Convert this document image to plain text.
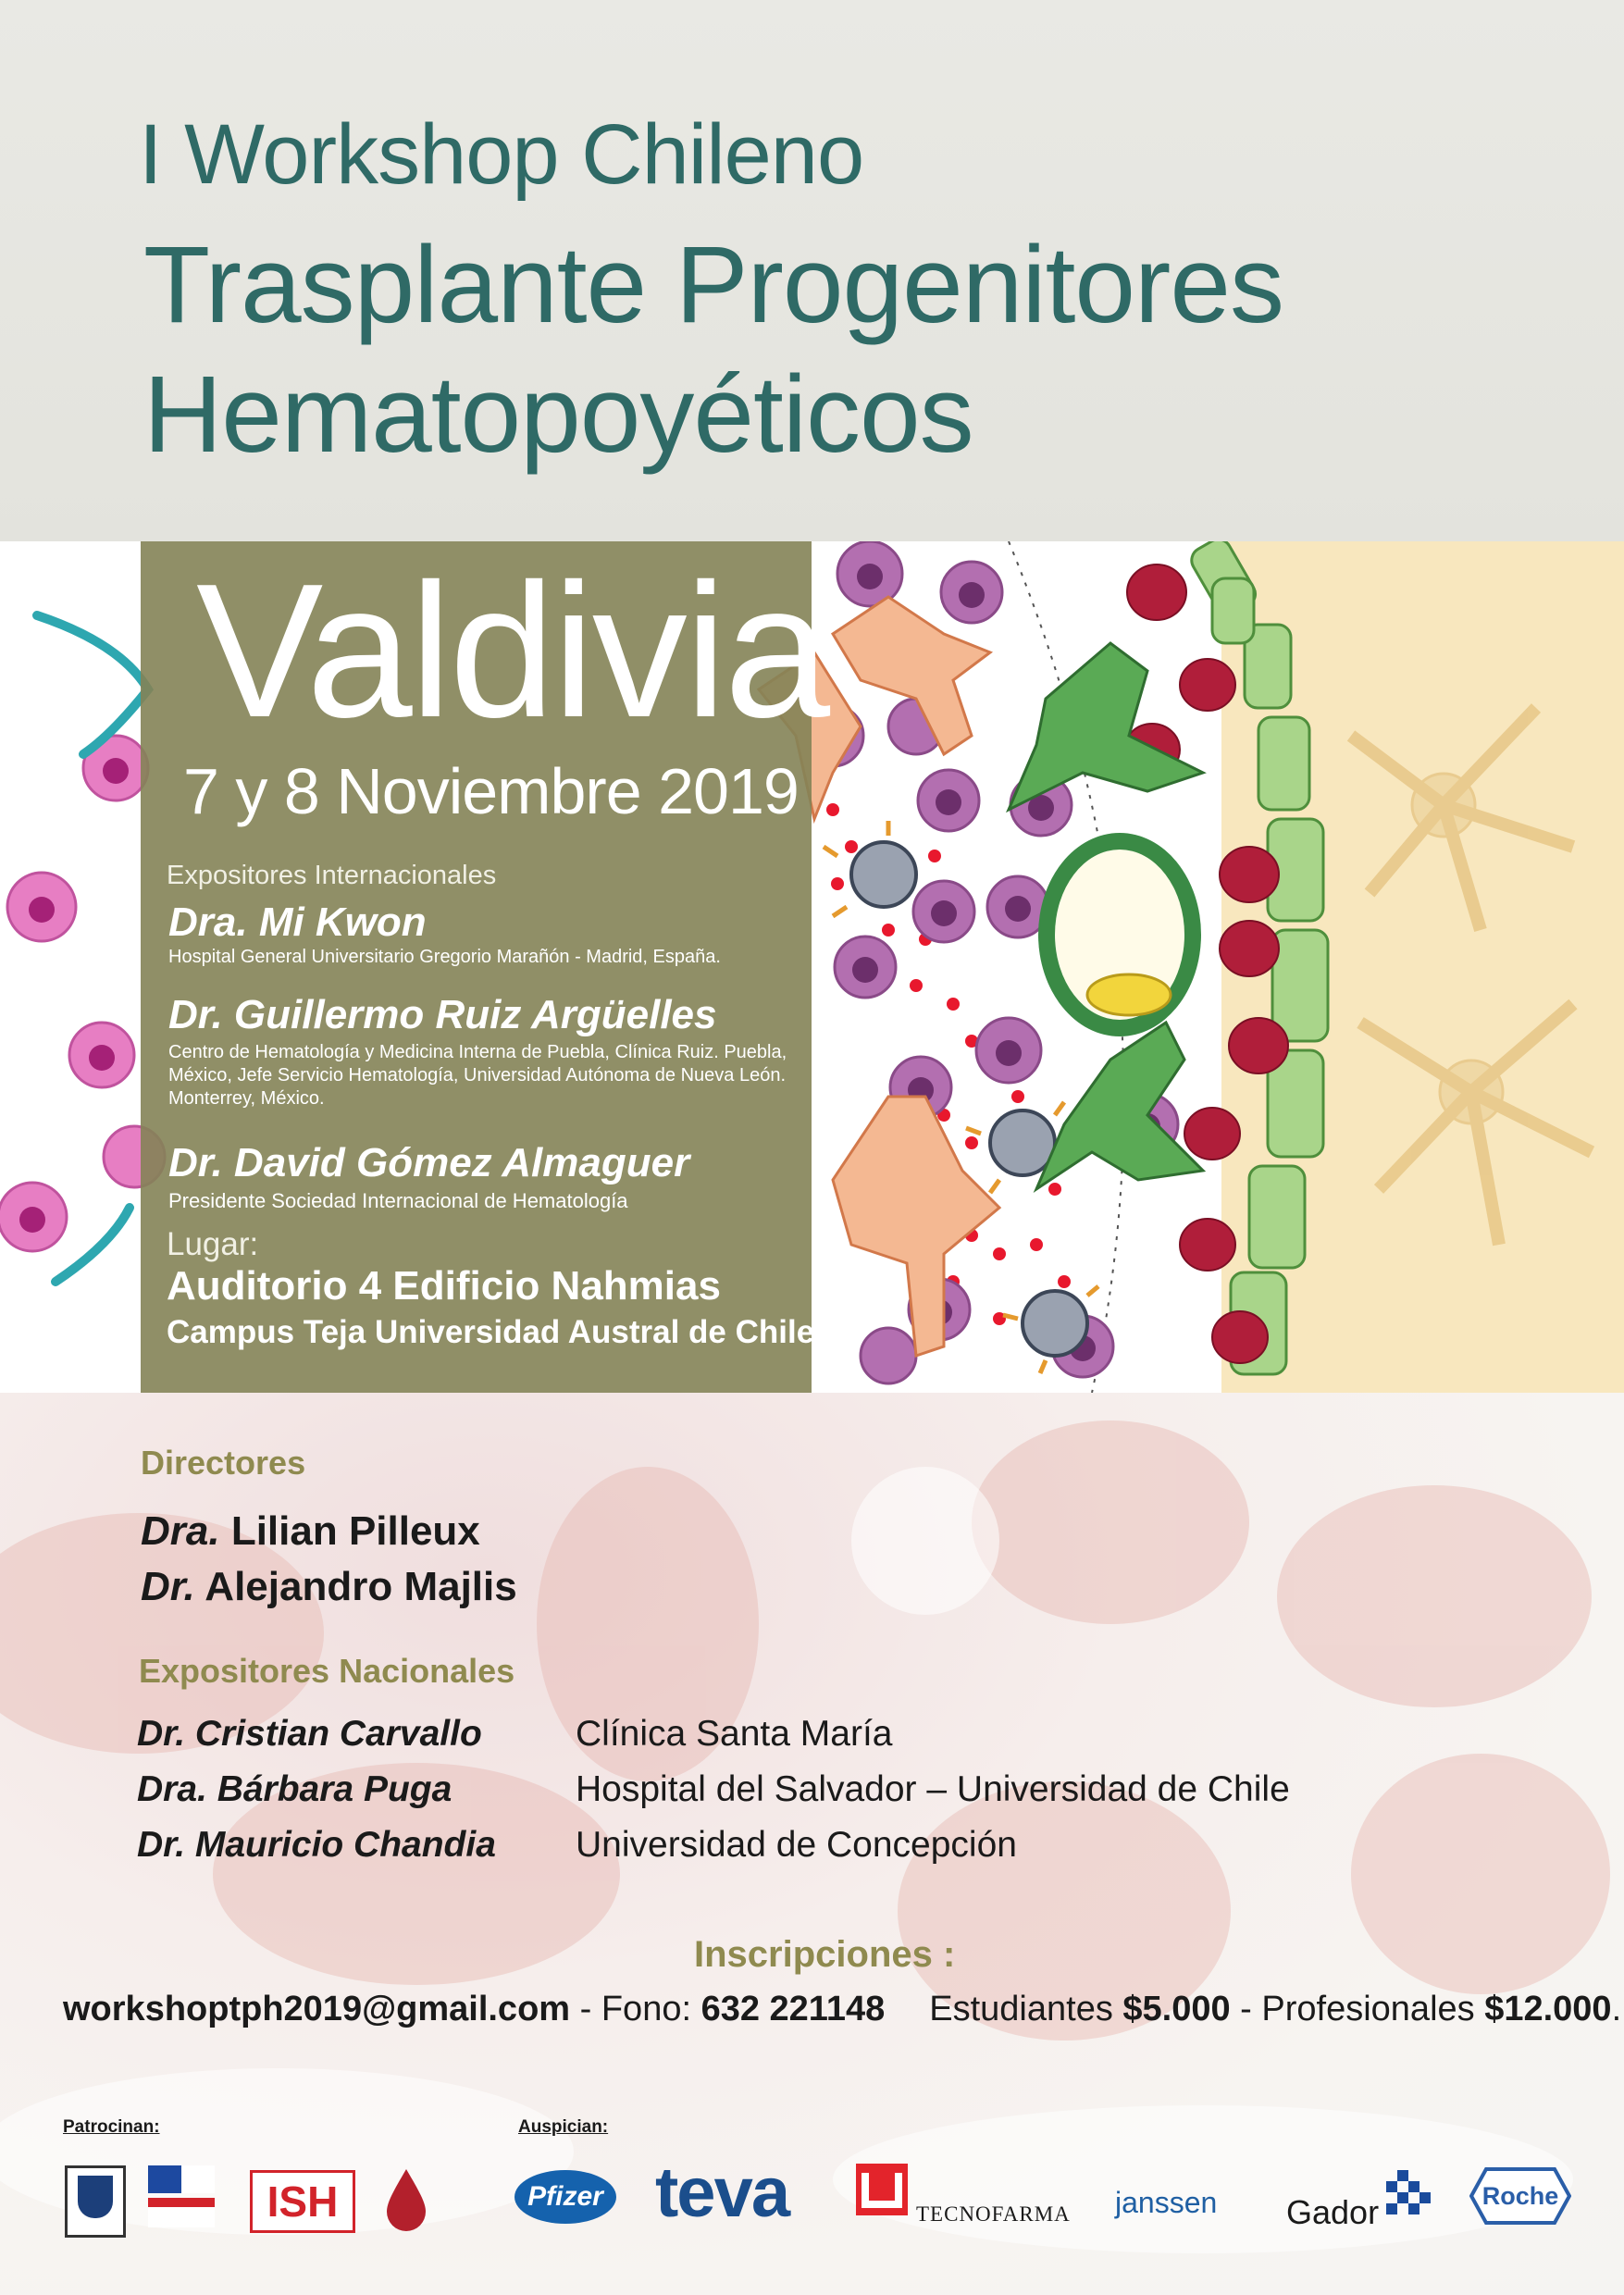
I Workshop Chileno
Trasplante Progenitores
Hematopoyéticos
Valdivia
7 y 8 Noviembre 2019
Expositores Internacionales
Dra. Mi Kwon
Hospital General Universitario Gregorio Marañón - Madrid, España.
Dr. Guillermo Ruiz Argüelles
Centro de Hematología y Medicina Interna de Puebla, Clínica Ruiz. Puebla,
México, Jefe Servicio Hematología, Universidad Autónoma de Nueva León.
Monterrey, México.
Dr. David Gómez Almaguer
Presidente Sociedad Internacional de Hematología
Lugar:
Auditorio 4 Edificio Nahmias
Campus Teja Universidad Austral de Chile
Directores
Dra. Lilian Pilleux
Dr. Alejandro Majlis
Expositores Nacionales
Dr. Cristian Carvallo	Clínica Santa María
Dra. Bárbara Puga	Hospital del Salvador – Universidad de Chile
Dr. Mauricio Chandia Universidad de Concepción
Inscripciones :
workshoptph2019@gmail.com - Fono: 632 221148 Estudiantes $5.000 - Profesionales $12.000.
Patrocinan:	Auspician:
ISH	Pfizer teva	TECNOFARMA janssen Gador	Roche
